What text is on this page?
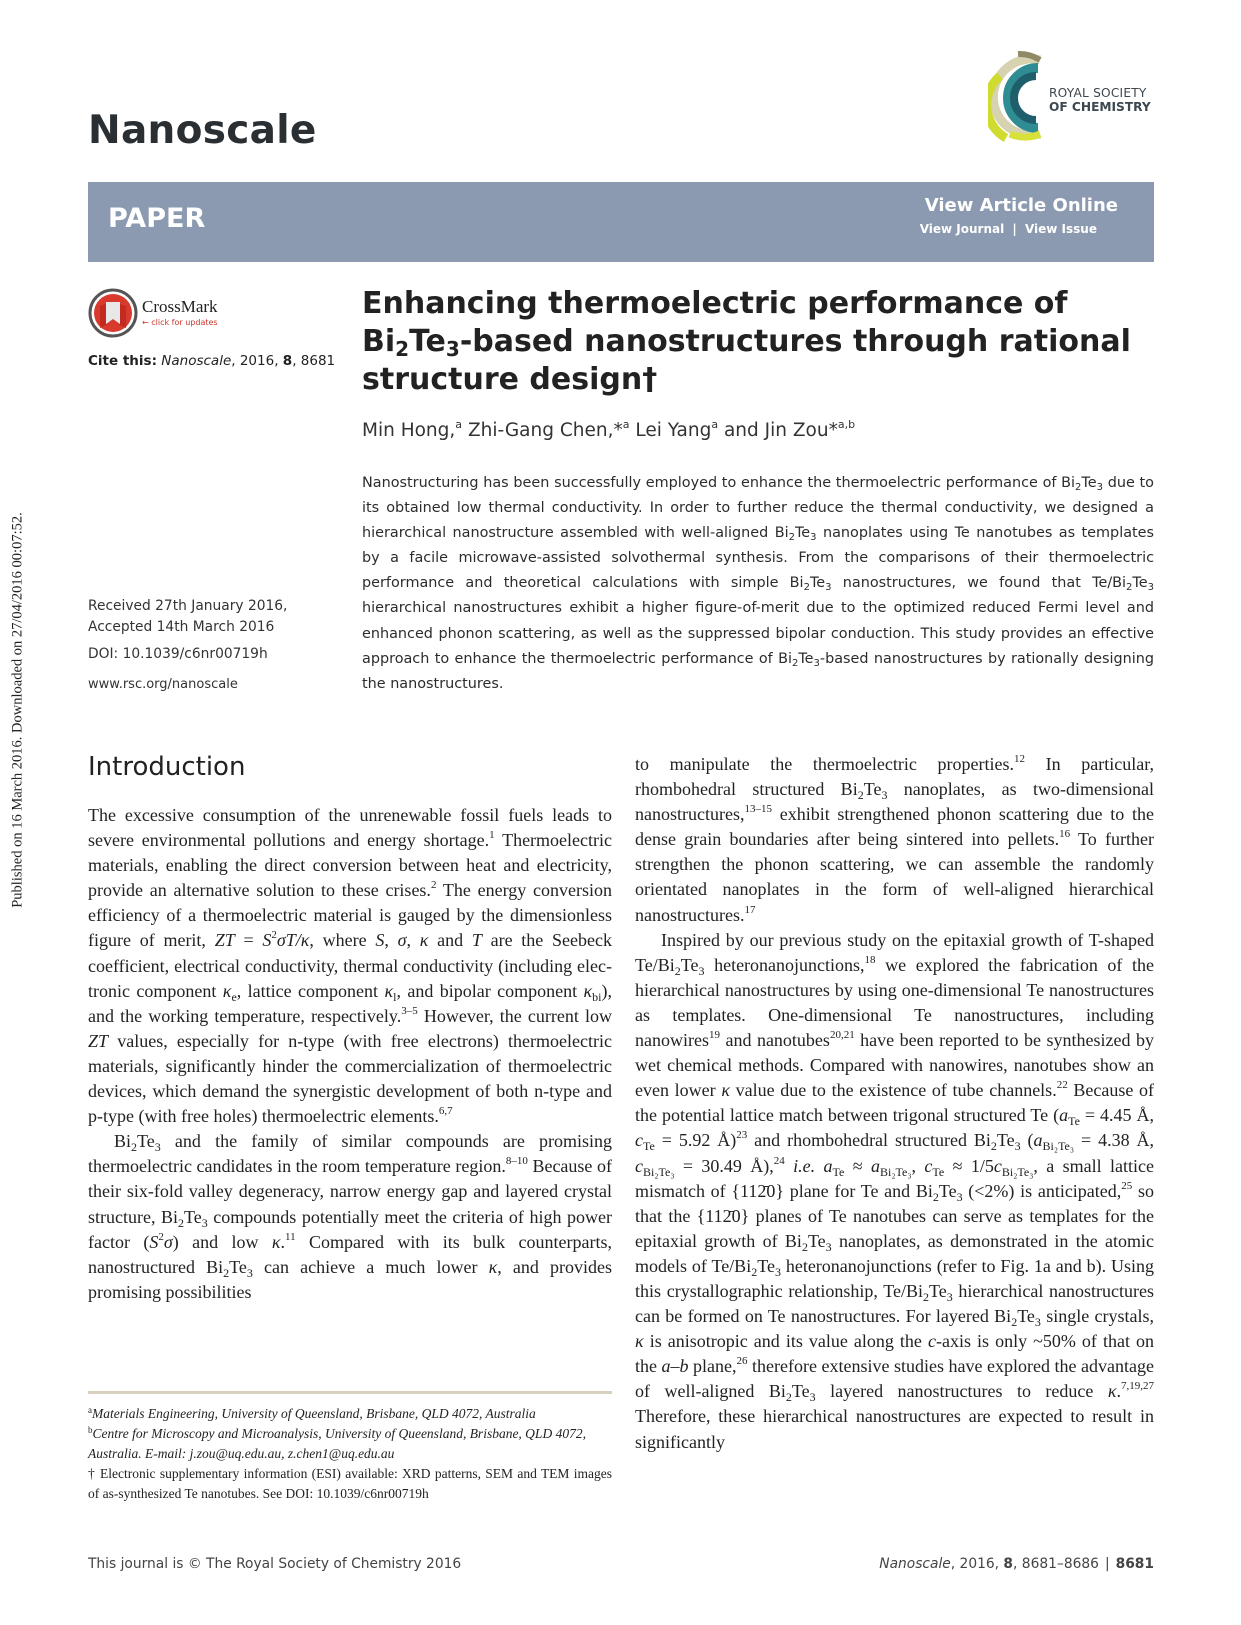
Published on 16 March 2016. Downloaded on 27/04/2016 00:07:52.
Nanoscale
ROYAL SOCIETY
OF CHEMISTRY
PAPER	View Article Online
View Journal | View Issue
CrossMark
← click for updates
Cite this: Nanoscale, 2016, 8, 8681
Enhancing thermoelectric performance of
$Bi_2Te_3$-based nanostructures through rational
structure design†
Min Hong,$^a$ Zhi-Gang Chen,*$^a$ Lei Yang$^a$ and Jin Zou*$^{a,b}$

Nanostructuring has been successfully employed to enhance the thermoelectric performance of $Bi_2Te_3$ due to its obtained low thermal conductivity. In order to further reduce the thermal conductivity, we designed a hierarchical nanostructure assembled with well-aligned $Bi_2Te_3$ nanoplates using Te nanotubes as templates by a facile microwave-assisted solvothermal synthesis. From the comparisons of their thermoelectric performance and theoretical calculations with simple $Bi_2Te_3$ nanostructures, we found that $Te/Bi_2Te_3$ hierarchical nanostructures exhibit a higher figure-of-merit due to the optimized reduced Fermi level and enhanced phonon scattering, as well as the suppressed bipolar conduction. This study provides an effective approach to enhance the thermoelectric performance of $Bi_2Te_3$-based nanostructures by rationally designing the nanostructures.

Received 27th January 2016,
Accepted 14th March 2016
DOI: 10.1039/c6nr00719h
www.rsc.org/nanoscale
Introduction

The excessive consumption of the unrenewable fossil fuels leads to severe environmental pollutions and energy shortage.$^1$ Thermoelectric materials, enabling the direct conversion between heat and electricity, provide an alternative solution to these crises.$^2$ The energy conversion efficiency of a thermoelectric material is gauged by the dimensionless figure of merit, ZT = $S^2\sigma T/\kappa$, where S, σ, κ and T are the Seebeck coefficient, electrical conductivity, thermal conductivity (including electronic component $\kappa_e$, lattice component $\kappa_l$, and bipolar component $\kappa_{bi}$), and the working temperature, respectively.$^{3-5}$ However, the current low ZT values, especially for n-type (with free electrons) thermoelectric materials, significantly hinder the commercialization of thermoelectric devices, which demand the synergistic development of both n-type and p-type (with free holes) thermoelectric elements.$^{6,7}$

$Bi_2Te_3$ and the family of similar compounds are promising thermoelectric candidates in the room temperature region.$^{8-10}$ Because of their six-fold valley degeneracy, narrow energy gap and layered crystal structure, $Bi_2Te_3$ compounds potentially meet the criteria of high power factor $(S^2\sigma)$ and low κ.$^{11}$ Compared with its bulk counterparts, nanostructured $Bi_2Te_3$ can achieve a much lower κ, and provides promising possibilities

to manipulate the thermoelectric properties.$^{12}$ In particular, rhombohedral structured $Bi_2Te_3$ nanoplates, as two-dimensional nanostructures,$^{13-15}$ exhibit strengthened phonon scattering due to the dense grain boundaries after being sintered into pellets.$^{16}$ To further strengthen the phonon scattering, we can assemble the randomly orientated nanoplates in the form of well-aligned hierarchical nanostructures.$^{17}$

Inspired by our previous study on the epitaxial growth of T-shaped $Te/Bi_2Te_3$ heteronanojunctions,$^{18}$ we explored the fabrication of the hierarchical nanostructures by using one-dimensional Te nanostructures as templates. One-dimensional Te nanostructures, including nanowires$^{19}$ and nanotubes$^{20,21}$ have been reported to be synthesized by wet chemical methods. Compared with nanowires, nanotubes show an even lower κ value due to the existence of tube channels.$^{22}$ Because of the potential lattice match between trigonal structured Te ($a_{Te} = 4.45$ Å, $c_{Te} = 5.92$ Å)$^{23}$ and rhombohedral structured $Bi_2Te_3$ ($a_{Bi_2Te_3} = 4.38$ Å, $c_{Bi_2Te_3} = 30.49$ Å),$^{24}$ i.e. $a_{Te} \approx a_{Bi_2Te_3}$, $c_{Te} \approx 1/5c_{Bi_2Te_3}$, a small lattice mismatch of {112̄0} plane for Te and $Bi_2Te_3$ (<2%) is anticipated,$^{25}$ so that the {112̄0} planes of Te nanotubes can serve as templates for the epitaxial growth of $Bi_2Te_3$ nanoplates, as demonstrated in the atomic models of $Te/Bi_2Te_3$ heteronanojunctions (refer to Fig. 1a and b). Using this crystallographic relationship, $Te/Bi_2Te_3$ hierarchical nanostructures can be formed on Te nanostructures. For layered $Bi_2Te_3$ single crystals, κ is anisotropic and its value along the c-axis is only ~50% of that on the a–b plane,$^{26}$ therefore extensive studies have explored the advantage of well-aligned $Bi_2Te_3$ layered nanostructures to reduce κ.$^{7,19,27}$ Therefore, these hierarchical nanostructures are expected to result in significantly

$^a$Materials Engineering, University of Queensland, Brisbane, QLD 4072, Australia
$^b$Centre for Microscopy and Microanalysis, University of Queensland, Brisbane, QLD 4072, Australia. E-mail: j.zou@uq.edu.au, z.chen1@uq.edu.au
† Electronic supplementary information (ESI) available: XRD patterns, SEM and TEM images of as-synthesized Te nanotubes. See DOI: 10.1039/c6nr00719h
This journal is © The Royal Society of Chemistry 2016	Nanoscale, 2016, 8, 8681–8686 | 8681
